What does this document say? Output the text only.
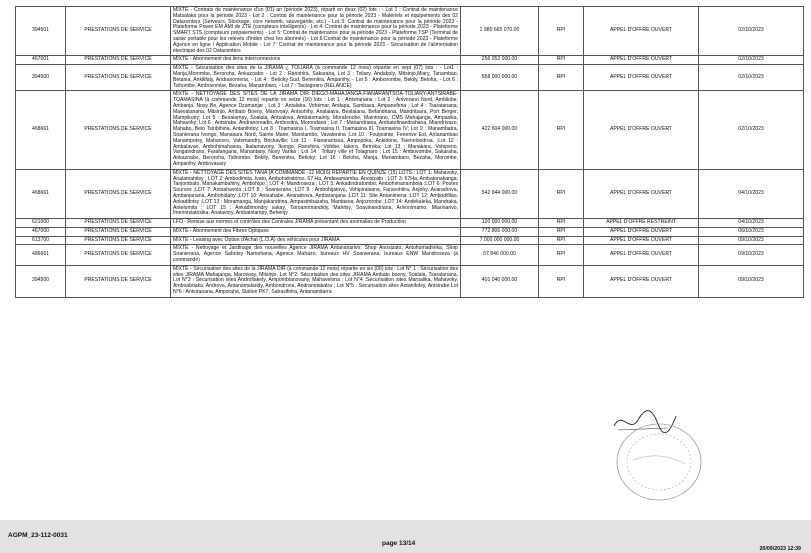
394501	PRESTATIONS DE SERVICE	MIXTE - Contrats de maintenance d'un (01) an (période 2023), réparti en deux (02) lots : - Lot 1 : Contrat de maintenance Matsalaka pour la période 2023 - Lot 2 : Contrat de maintenance pour la période 2023 - Matériels et équipements des 02 Datacenters (Serveurs, Stockage, core network, sauvegarde, etc.) - Lot 3: Contrat de maintenance pour la période 2023 - Plateforme Power EM AMI de ZTE (compteurs intelligents) - Lot 4: Contrat de maintenance pour la période 2023 - Plateforme SMART STS (compteurs prépaiements) - Lot 5: Contrat de maintenance pour la période 2023 - Plateforme TSP (Terminal de saisie portable pour les relevés d'index chez les abonnés) - Lot 6:Contrat de maintenance pour la période 2023 - Plateforme Agence en ligne / Application Mobile - Lot 7: Contrat de maintenance pour la période 2023 - Sécurisation de l'alimentation électrique des 02 Datacenters	1 980 665 070.00	RPI	APPEL D'OFFRE OUVERT	02/10/2023
467001	PRESTATIONS DE SERVICE	MIXTE - Abonnement des liens interconnexions	256 052 000.00	RPI	APPEL D'OFFRE OUVERT	02/10/2023
394500	PRESTATIONS DE SERVICE	MIXTE - Sécurisation des sites de la JIRAMA ¿ TOLIARA (à commande 12 mois) répartie en sept (07) lots : - Lot1 : Manja,Morombe, Beroroha, Ankazoabo - Lot 2 : Ranohira, Sakaraha, Lot 3 : Toliary, Andaboly, Mitsinjo,Miary, Tanambao, Betania, Ankilifaly, Andranomena, - Lot 4 : Betioky Sud, Benenitra, Ampanihy, - Lot 5 : Ambovombe, Bekily, Beloha, - Lot 6 : Tsihombe, Ambovombe, Bezaha, Manambaro, - Lot 7 : Taolagnaro (RELANCE)	558 000 000.00	RPI	APPEL D'OFFRE OUVERT	02/10/2023
468661	PRESTATIONS DE SERVICE	MIXTE - NETTOYAGE DES SITES DE LA JIRAMA DIR DIEGO-MAHAJANGA-FIANARANTSOA-TOLIARY-ANTSIRABE-TOAMASINA (à commande 12 mois) repartie en seize (16) lots : Lot 1 : Antsiranana ; Lot 2 : Anivorano Nord, Ambilobe, Ambanja, Nosy Be, Agence Dzamanjar ; Lot 3 : Antalaha, Vohémar, Andapa, Sambava, Ampanefena ; Lot 4 : Tsaratanana, Maevatanana, Mitsinjo, Ambato Boeny, Marovoay, Antsohihy, Analalava, Bealalana, Befandriana, Mandritsara, Port Berger, Mampikony; Lot 5 : Besalampy, Soalala, Antsalova, Ambatomainty, Morafenobe, Maintirano, CMS Mahajanga, Ampasika, Mahavoky; Lot 6 : Antsirabe, Andranomadio, Ambositra, Morondava ; Lot 7 : Manandriana, Ambatofinandrahana, Miandrivazo, Mahabo, Belo Tsiribihina, Antanifotsy; Lot 8 : Toamasina I, Toamasina II, Toamasina III, Toamasina IV; Lot 9 : Manambatra, Soanierana Ivongo, Manasara Nord, Sainte Marie, Marolambo, Vavatenina ;Lot 10 : Foulpointe, Fenerive Est, Antanambao Manampotsy, Mahanoro, Vatomandry, Brickaville; Lot 11 : Fianarantsoa, Ampopoka, Ankidona, Tsienolondroa, ;Lot 12 : Ambalavao, Ambohimahasoa, Ikalamavony, Ikongo, Ranohira, Vohibe, Iakora, Betroka; Lot 13 : Manakara, Vohipeno, Vangaindrano, Farafangana, Manantany, Nosy Varika ; Lot 14 : Toliary ville et Tolagnaro ; Lot 15 : Ambovombe, Sakaraha, Ankazoabo, Beroroha, Tsihombe, Bekily, Benenitra, Betioky; Lot 16 : Beloha, Manja, Manambaro, Bezaha, Morombe, Ampanihy, Ambovasary	422 604 000.00	RPI	APPEL D'OFFRE OUVERT	02/10/2023
468661	PRESTATIONS DE SERVICE	MIXTE - NETTOYAGE DES SITES TANA (A COMMANDE -12 MOIS) REPARTIE EN QUINZE (15) LOTS : LOT 1: Mahavoky, Analamahitsy ; LOT 2: Ambodimita, Ivato, Ambohidratrimo, 67 Ha, Andavamamba, Anosizato ; LOT 3: 67Ha, Ambatonakanga, Tanjombato, Manakambahiny, Ambohipo ; LOT 4: Mandroseza ; LOT 5: Ankadindratombo, Ambohimanambola ;LOT 6: Postes Sources ;LOT 7: Antsahavola ;LOT 8 : Soanierana ;LOT 9 : Ambohijatovo, Vohipiraisana, Faravohitra, Anjohy, Avaradrova, Ambanjanana, Ambohidahy ;LOT 10: Antsahabe, Avaradrova, Ambaranjana ;LOT 11: Site Antanimena ;LOT 12: Ambodifilao, Ankadifotsy ;LOT 13 : Moramanga, Manjakandrina, Ampasimbazaha, Mantasoa, Anjozorobe ;LOT 14: Andekaleka, Mandraka, Antelomita ; LOT 15 : Ankadimondry sakay, Tsiroanomandidy, Mahitsy, Soavinandriana, Arivonimamo, Miarinarivo, Imerintsiatosika, Analavory, Ambatolampy, Behenjy	542 844 000.00	RPI	APPEL D'OFFRE OUVERT	04/10/2023
621000	PRESTATIONS DE SERVICE	LFO - Remise aux normes et contrôles des Centrales JIRAMA présentant des anomalies de Production	120 000 000.00	RPI	APPEL D'OFFRE RESTREINT	04/10/2023
467000	PRESTATIONS DE SERVICE	MIXTE - Abonnement des Fibres Optiques	772 806 000.00	RPI	APPEL D'OFFRE OUVERT	06/10/2023
613700	PRESTATIONS DE SERVICE	MIXTE - Leasing avec Option d'Achat (L.O.A) des véhicules pour JIRAMA	7 000 000 000.00	RPI	APPEL D'OFFRE OUVERT	09/10/2023
486661	PRESTATIONS DE SERVICE	MIXTE - Nettoyage et Jardinage des nouvelles Agence JIRAMA Antananarivo: Shop Anosizato, Antohomadinika, Shop Soanierana, Agence Sabotsy Namehana, Agence Mahazo, bureaux HV Soanierana, bureaux ENW Mandroseza (à commande)	57 846 000.00	RPI	APPEL D'OFFRE OUVERT	09/10/2023
394500	PRESTATIONS DE SERVICE	MIXTE - Sécurisation des sites de la JIRAMA DIR (à commande 12 mois) répartie en six (06) lots : Lot N° 1 : Sécurisation des sites JIRAMA Mahajanga, Marovoay, Mitsinjo, Lot N°2: Sécurisation des sites JIRAMA Ambato boeny, Soalala, Tsaratanana, Lot N°3 : Sécurisation sites Androfiakely, Ampombianovany, Mahavelona ; Lot N°4 :Sécurisation sites Maroalika, Mahavoky, Amboaboaka, Androva, Antanamalandy, Ambondrona, Andranotakatra ; Lot N°5 : Sécurisation sites Antanifotsy, Antsirabe Lot N°6 : Antsiranana, Amporaha, Station PK7, Sahasifotra, Antanamitarra	401 040 000.00	RPI	APPEL D'OFFRE OUVERT	09/10/2023
AGPM_23-112-0031
page 13/14
20/09/2023 12:39
